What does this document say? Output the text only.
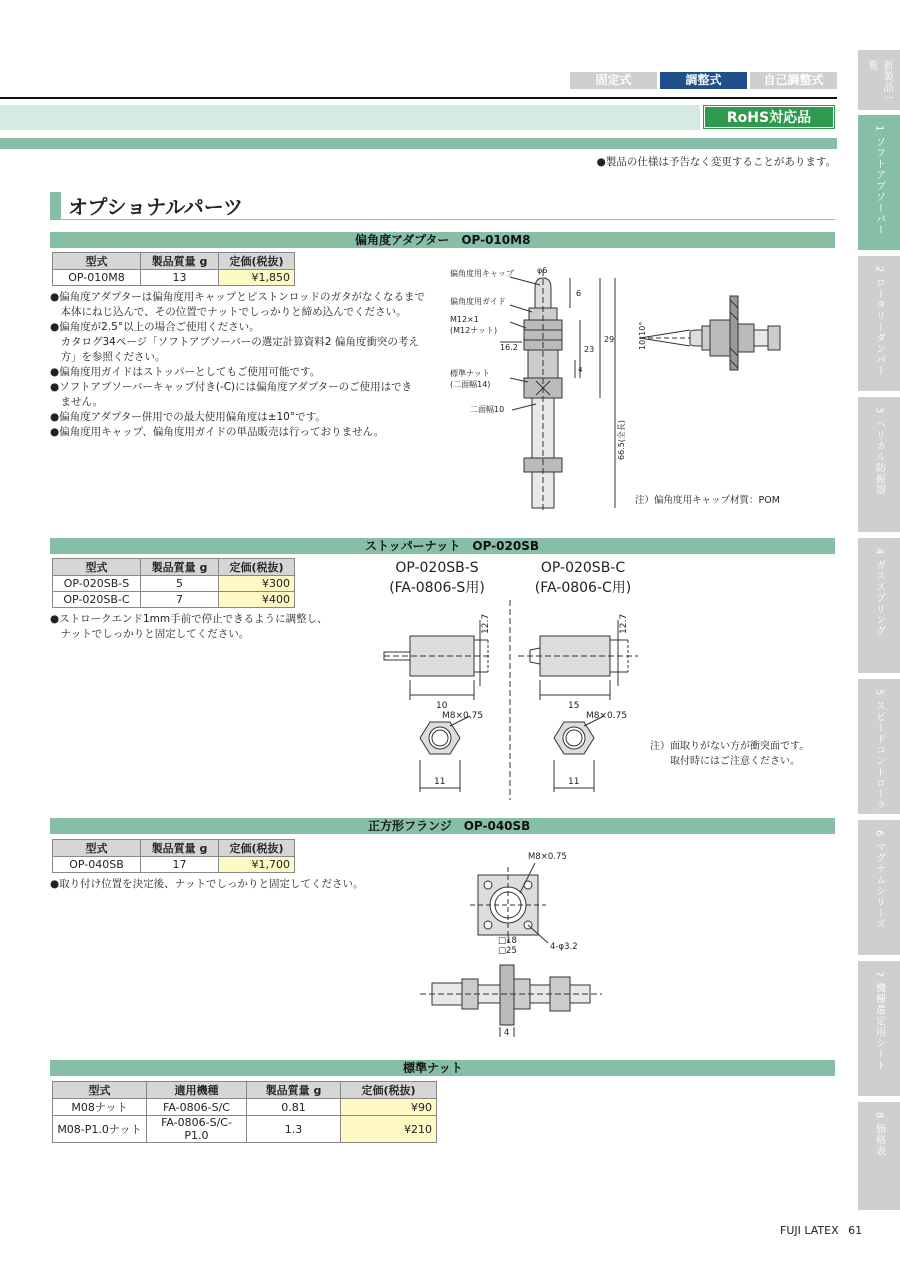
固定式	調整式	自己調整式
RoHS対応品
●製品の仕様は予告なく変更することがあります。
オプショナルパーツ
新製品一覧
1 ソフトアブソーバー
2 ロータリーダンパー
3 ヘリカル防振器
4 ガススプリング
5 スピードコントローラ
6 マグナムシリーズ
7 機種選定用シート
8 価格表
偏角度アダプター　OP-010M8
型式	製品質量 g	定価(税抜)
OP-010M8	13	¥1,850
●偏角度アダプターは偏角度用キャップとピストンロッドのガタがなくなるまで
　本体にねじ込んで、その位置でナットでしっかりと締め込んでください。
●偏角度が2.5°以上の場合ご使用ください。
　カタログ34ページ「ソフトアブソーバーの選定計算資料2 偏角度衝突の考え
　方」を参照ください。
●偏角度用ガイドはストッパーとしてもご使用可能です。
●ソフトアブソーバーキャップ付き(-C)には偏角度アダプターのご使用はでき
　ません。
●偏角度アダプター併用での最大使用偏角度は±10°です。
●偏角度用キャップ、偏角度用ガイドの単品販売は行っておりません。
偏角度用キャップ
偏角度用ガイド
M12×1
(M12ナット)
16.2
標準ナット
(二面幅14)
二面幅10
φ6
6
29
23
4
66.5(全長)
10°10°
注）偏角度用キャップ材質：POM
ストッパーナット　OP-020SB
型式	製品質量 g	定価(税抜)
OP-020SB-S	5	¥300
OP-020SB-C	7	¥400
●ストロークエンド1mm手前で停止できるように調整し、
　ナットでしっかりと固定してください。
OP-020SB-S
(FA-0806-S用)
OP-020SB-C
(FA-0806-C用)
12.7	12.7
10	15
M8×0.75	M8×0.75
11	11
注）面取りがない方が衝突面です。
取付時にはご注意ください。
正方形フランジ　OP-040SB
型式	製品質量 g	定価(税抜)
OP-040SB	17	¥1,700
●取り付け位置を決定後、ナットでしっかりと固定してください。
M8×0.75
□18
□25	4-φ3.2
4
標準ナット
型式	適用機種	製品質量 g	定価(税抜)
M08ナット	FA-0806-S/C	0.81	¥90
M08-P1.0ナット	FA-0806-S/C-P1.0	1.3	¥210
FUJI LATEX 61
